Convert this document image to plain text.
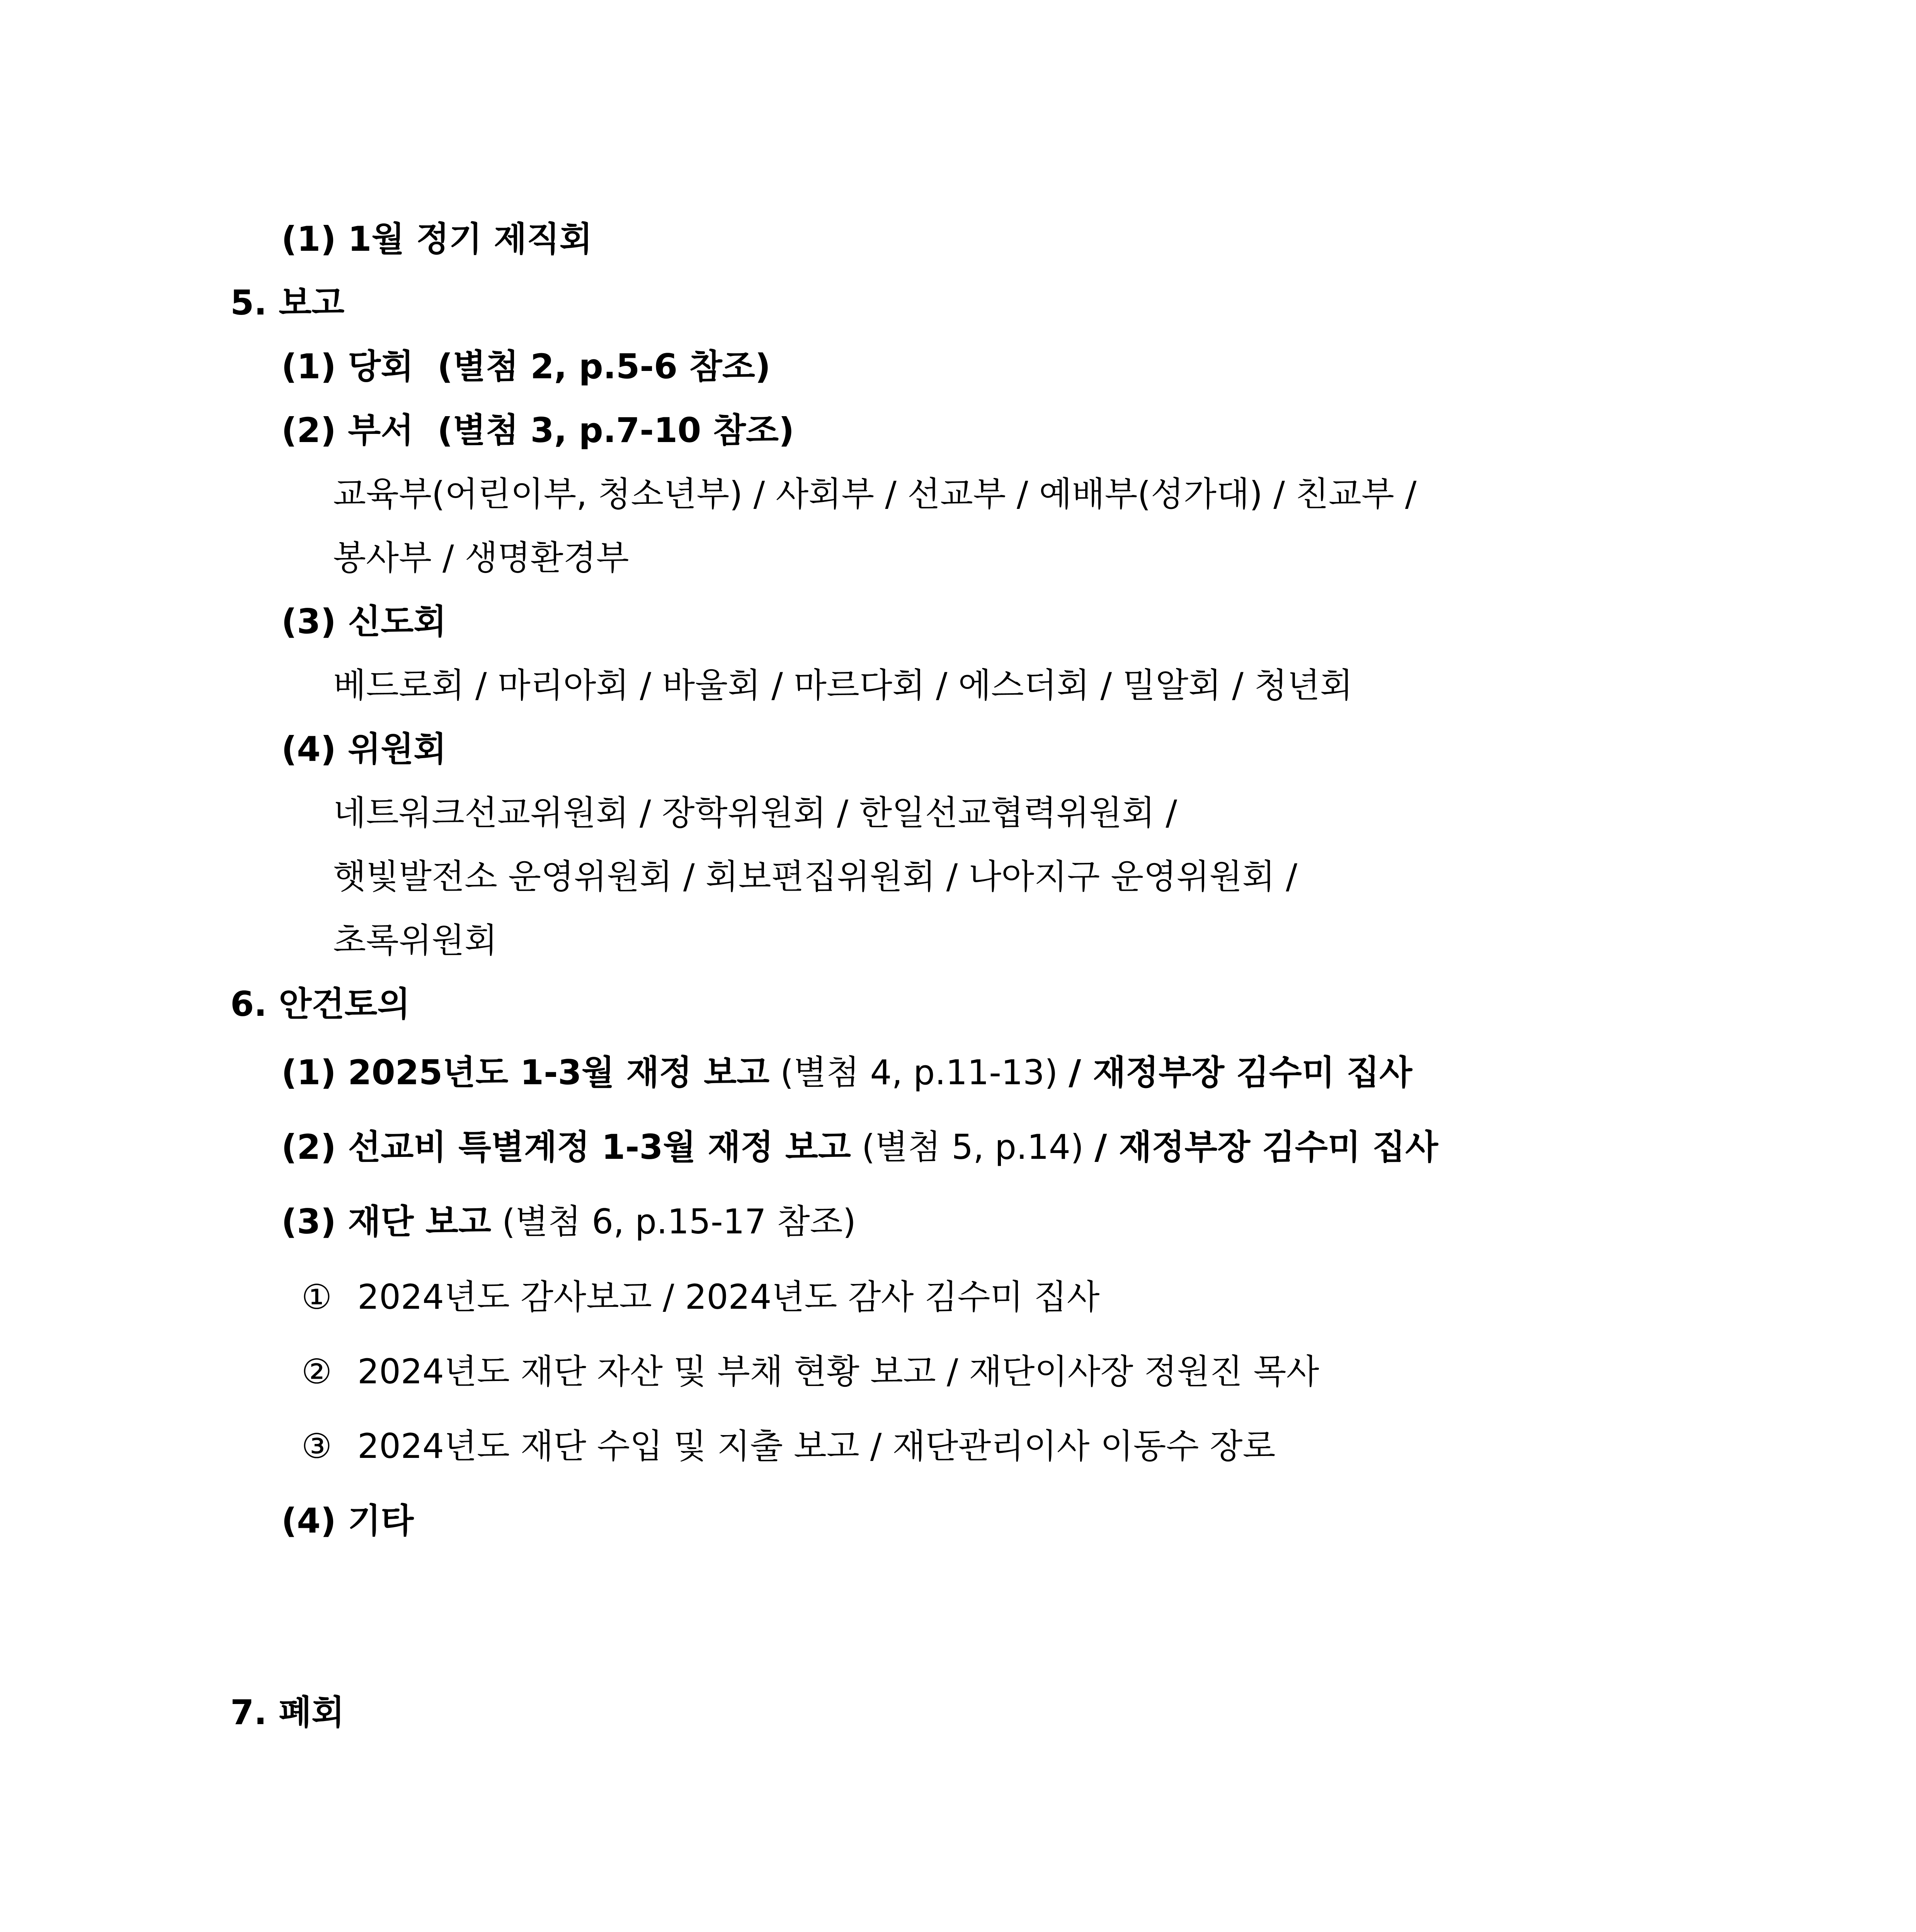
(1) 1월 정기 제직회

5. 보고

(1) 당회  (별첨 2, p.5-6 참조)

(2) 부서  (별첨 3, p.7-10 참조)

교육부(어린이부, 청소년부) / 사회부 / 선교부 / 예배부(성가대) / 친교부 /

봉사부 / 생명환경부

(3) 신도회

베드로회 / 마리아회 / 바울회 / 마르다회 / 에스더회 / 밀알회 / 청년회

(4) 위원회

네트워크선교위원회 / 장학위원회 / 한일선교협력위원회 /

햇빛발전소 운영위원회 / 회보편집위원회 / 나아지구 운영위원회 /

초록위원회

6. 안건토의

(1) 2025년도 1-3월 재정 보고 (별첨 4, p.11-13) / 재정부장 김수미 집사

(2) 선교비 특별계정 1-3월 재정 보고 (별첨 5, p.14) / 재정부장 김수미 집사

(3) 재단 보고 (별첨 6, p.15-17 참조)

① 2024년도 감사보고 / 2024년도 감사 김수미 집사

② 2024년도 재단 자산 및 부채 현황 보고 / 재단이사장 정원진 목사

③ 2024년도 재단 수입 및 지출 보고 / 재단관리이사 이동수 장로

(4) 기타

7. 폐회
